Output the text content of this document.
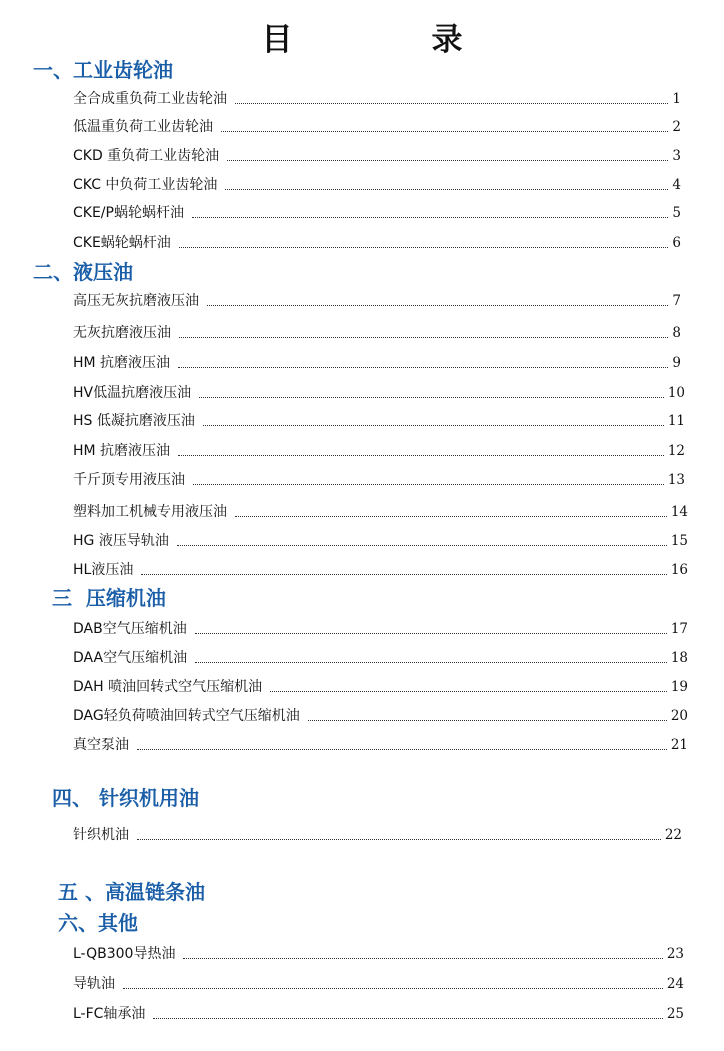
目　录
一、工业齿轮油
全合成重负荷工业齿轮油	1
低温重负荷工业齿轮油	2
CKD 重负荷工业齿轮油	3
CKC 中负荷工业齿轮油	4
CKE/P蜗轮蜗杆油	5
CKE蜗轮蜗杆油	6
二、液压油
高压无灰抗磨液压油	7
无灰抗磨液压油	8
HM 抗磨液压油	9
HV低温抗磨液压油	10
HS 低凝抗磨液压油	11
HM 抗磨液压油	12
千斤顶专用液压油	13
塑料加工机械专用液压油	14
HG 液压导轨油	15
HL液压油	16
三  压缩机油
DAB空气压缩机油	17
DAA空气压缩机油	18
DAH 喷油回转式空气压缩机油	19
DAG轻负荷喷油回转式空气压缩机油	20
真空泵油	21
四、 针织机用油
针织机油	22
五 、高温链条油
六、其他
L-QB300导热油	23
导轨油	24
L-FC轴承油	25
